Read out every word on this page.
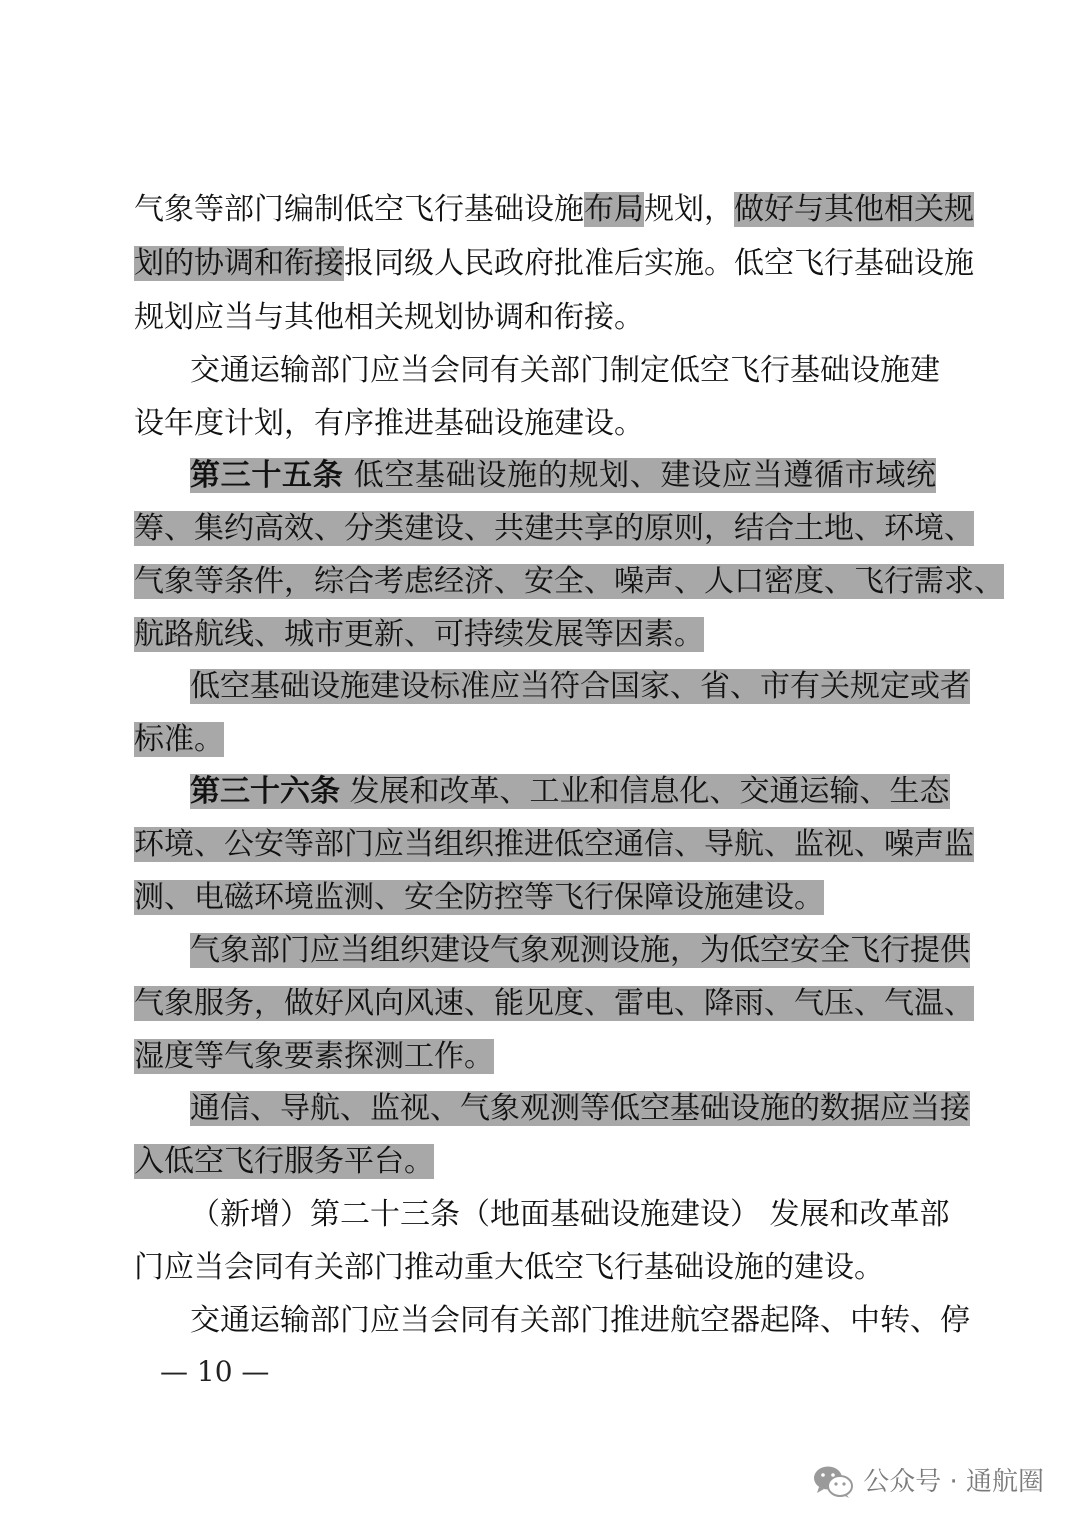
气象等部门编制低空飞行基础设施布局规划，做好与其他相关规
划的协调和衔接报同级人民政府批准后实施。低空飞行基础设施
规划应当与其他相关规划协调和衔接。
交通运输部门应当会同有关部门制定低空飞行基础设施建
设年度计划，有序推进基础设施建设。
第三十五条 低空基础设施的规划、建设应当遵循市域统
筹、集约高效、分类建设、共建共享的原则，结合土地、环境、
气象等条件，综合考虑经济、安全、噪声、人口密度、飞行需求、
航路航线、城市更新、可持续发展等因素。
低空基础设施建设标准应当符合国家、省、市有关规定或者
标准。
第三十六条 发展和改革、工业和信息化、交通运输、生态
环境、公安等部门应当组织推进低空通信、导航、监视、噪声监
测、电磁环境监测、安全防控等飞行保障设施建设。
气象部门应当组织建设气象观测设施，为低空安全飞行提供
气象服务，做好风向风速、能见度、雷电、降雨、气压、气温、
湿度等气象要素探测工作。
通信、导航、监视、气象观测等低空基础设施的数据应当接
入低空飞行服务平台。
（新增）第二十三条（地面基础设施建设） 发展和改革部
门应当会同有关部门推动重大低空飞行基础设施的建设。
交通运输部门应当会同有关部门推进航空器起降、中转、停
— 10 —
公众号 · 通航圈
